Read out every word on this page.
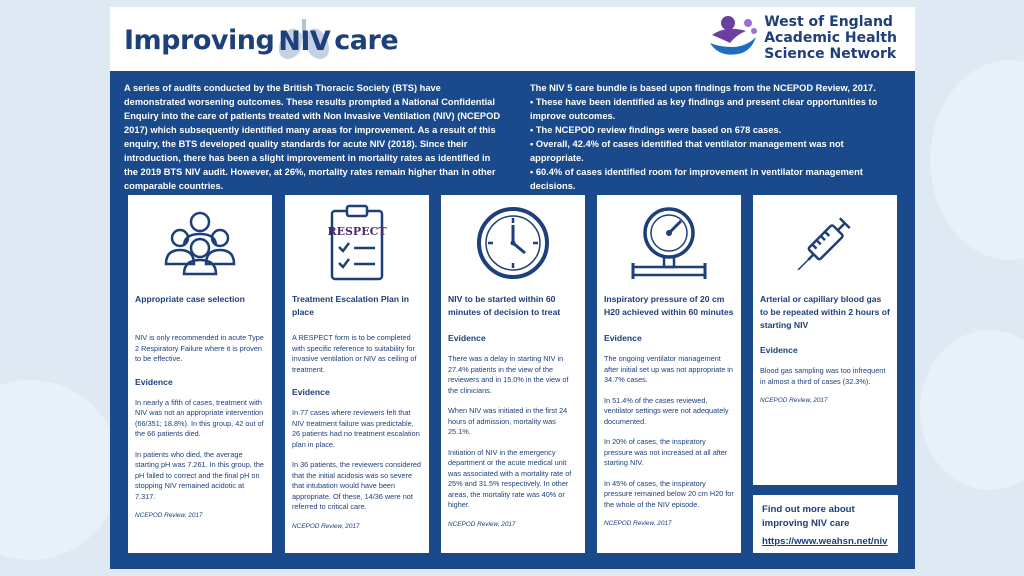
Improving NIV care
West of England
Academic Health
Science Network
A series of audits conducted by the British Thoracic Society (BTS) have demonstrated worsening outcomes. These results prompted a National Confidential Enquiry into the care of patients treated with Non Invasive Ventilation (NIV) (NCEPOD 2017) which subsequently identified many areas for improvement. As a result of this enquiry, the BTS developed quality standards for acute NIV (2018). Since their introduction, there has been a slight improvement in mortality rates as identified in the 2019 BTS NIV audit. However, at 26%, mortality rates remain higher than in other comparable countries.
The NIV 5 care bundle is based upon findings from the NCEPOD Review, 2017.
• These have been identified as key findings and present clear opportunities to improve outcomes.
• The NCEPOD review findings were based on 678 cases.
• Overall, 42.4% of cases identified that ventilator management was not appropriate.
• 60.4% of cases identified room for improvement in ventilator management decisions.
Appropriate case selection
NIV is only recommended in acute Type 2 Respiratory Failure where it is proven to be effective.
Evidence

In nearly a fifth of cases, treatment with NIV was not an appropriate intervention (66/351; 18.8%). In this group, 42 out of the 66 patients died.

In patients who died, the average starting pH was 7.261. In this group, the pH failed to correct and the final pH on stopping NIV remained acidotic at 7.317.

NCEPOD Review, 2017
RESPECT
Treatment Escalation Plan in place
A RESPECT form is to be completed with specific reference to suitability for invasive ventilation or NIV as ceiling of treatment.
Evidence

In 77 cases where reviewers felt that NIV treatment failure was predictable, 26 patients had no treatment escalation plan in place.

In 36 patients, the reviewers considered that the initial acidosis was so severe that intubation would have been appropriate. Of these, 14/36 were not referred to critical care.

NCEPOD Review, 2017
NIV to be started within 60 minutes of decision to treat
Evidence

There was a delay in starting NIV in 27.4% patients in the view of the reviewers and in 15.0% in the view of the clinicians.

When NIV was initiated in the first 24 hours of admission, mortality was 25.1%.

Initiation of NIV in the emergency department or the acute medical unit was associated with a mortality rate of 25% and 31.5% respectively. In other areas, the mortality rate was 40% or higher.

NCEPOD Review, 2017
Inspiratory pressure of 20 cm H20 achieved within 60 minutes
Evidence

The ongoing ventilator management after initial set up was not appropriate in 34.7% cases.

In 51.4% of the cases reviewed, ventilator settings were not adequately documented.

In 20% of cases, the inspiratory pressure was not increased at all after starting NIV.

In 45% of cases, the inspiratory pressure remained below 20 cm H20 for the whole of the NIV episode.

NCEPOD Review, 2017
Arterial or capillary blood gas to be repeated within 2 hours of starting NIV
Evidence

Blood gas sampling was too infrequent in almost a third of cases (32.3%).

NCEPOD Review, 2017
Find out more about
improving NIV care
https://www.weahsn.net/niv
